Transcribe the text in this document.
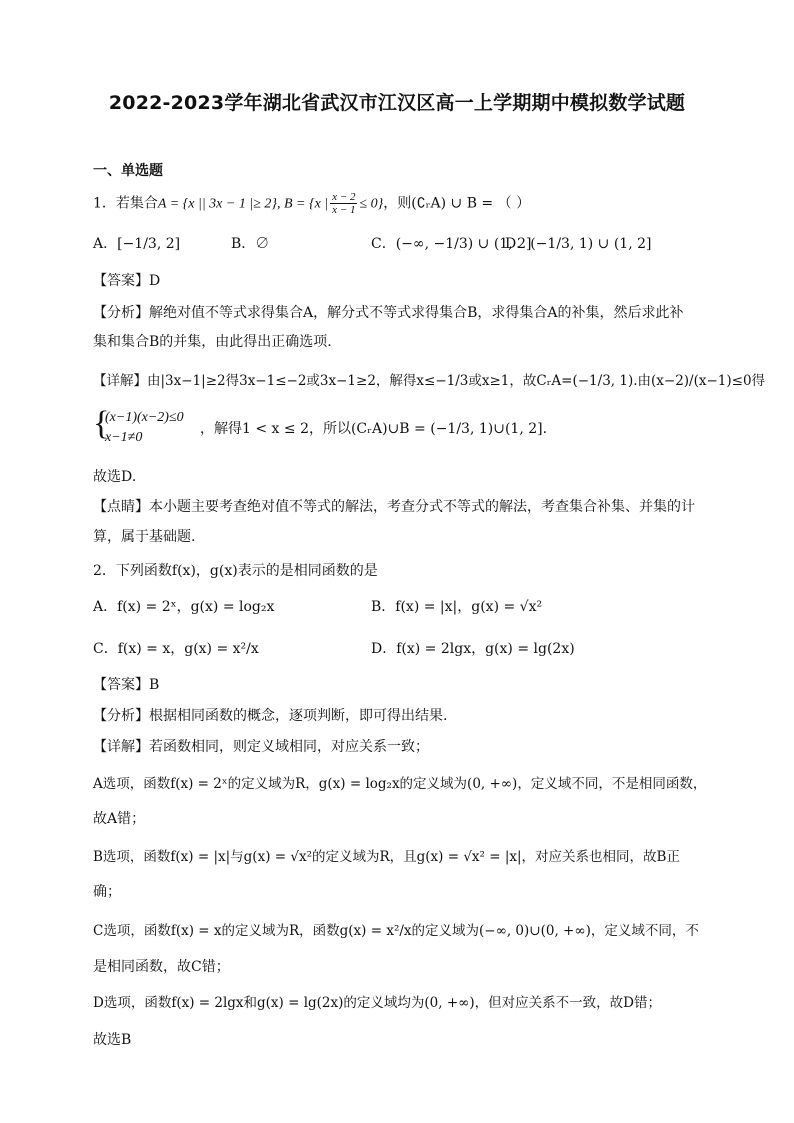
2022-2023学年湖北省武汉市江汉区高一上学期期中模拟数学试题
一、单选题
1．若集合A = {x || 3x − 1 |≥ 2}, B = {x | $\frac{x - 2}{x - 1} \le 0$}，则(∁ᵣA) ∪ B = （ ）
A．[−1/3, 2]	B．∅	C．(−∞, −1/3) ∪ (1, 2]
D．(−1/3, 1) ∪ (1, 2]
【答案】D
【分析】解绝对值不等式求得集合A，解分式不等式求得集合B，求得集合A的补集，然后求此补
集和集合B的并集，由此得出正确选项.
【详解】由|3x−1|≥2得3x−1≤−2或3x−1≥2，解得x≤−1/3或x≥1，故CᵣA=(−1/3, 1).由(x−2)/(x−1)≤0得
{
(x−1)(x−2)≤0
x−1≠0
，解得1 < x ≤ 2，所以(CᵣA)∪B = (−1/3, 1)∪(1, 2].
故选D.
【点睛】本小题主要考查绝对值不等式的解法，考查分式不等式的解法，考查集合补集、并集的计
算，属于基础题.
2．下列函数f(x)，g(x)表示的是相同函数的是
A．f(x) = 2ˣ，g(x) = log₂x	B．f(x) = |x|，g(x) = √x²
C．f(x) = x，g(x) = x²/x	D．f(x) = 2lgx，g(x) = lg(2x)
【答案】B
【分析】根据相同函数的概念，逐项判断，即可得出结果.
【详解】若函数相同，则定义域相同，对应关系一致；
A选项，函数f(x) = 2ˣ的定义域为R，g(x) = log₂x的定义域为(0, +∞)，定义域不同，不是相同函数，
故A错；
B选项，函数f(x) = |x|与g(x) = √x²的定义域为R，且g(x) = √x² = |x|，对应关系也相同，故B正
确；
C选项，函数f(x) = x的定义域为R，函数g(x) = x²/x的定义域为(−∞, 0)∪(0, +∞)，定义域不同，不
是相同函数，故C错；
D选项，函数f(x) = 2lgx和g(x) = lg(2x)的定义域均为(0, +∞)，但对应关系不一致，故D错；
故选B
